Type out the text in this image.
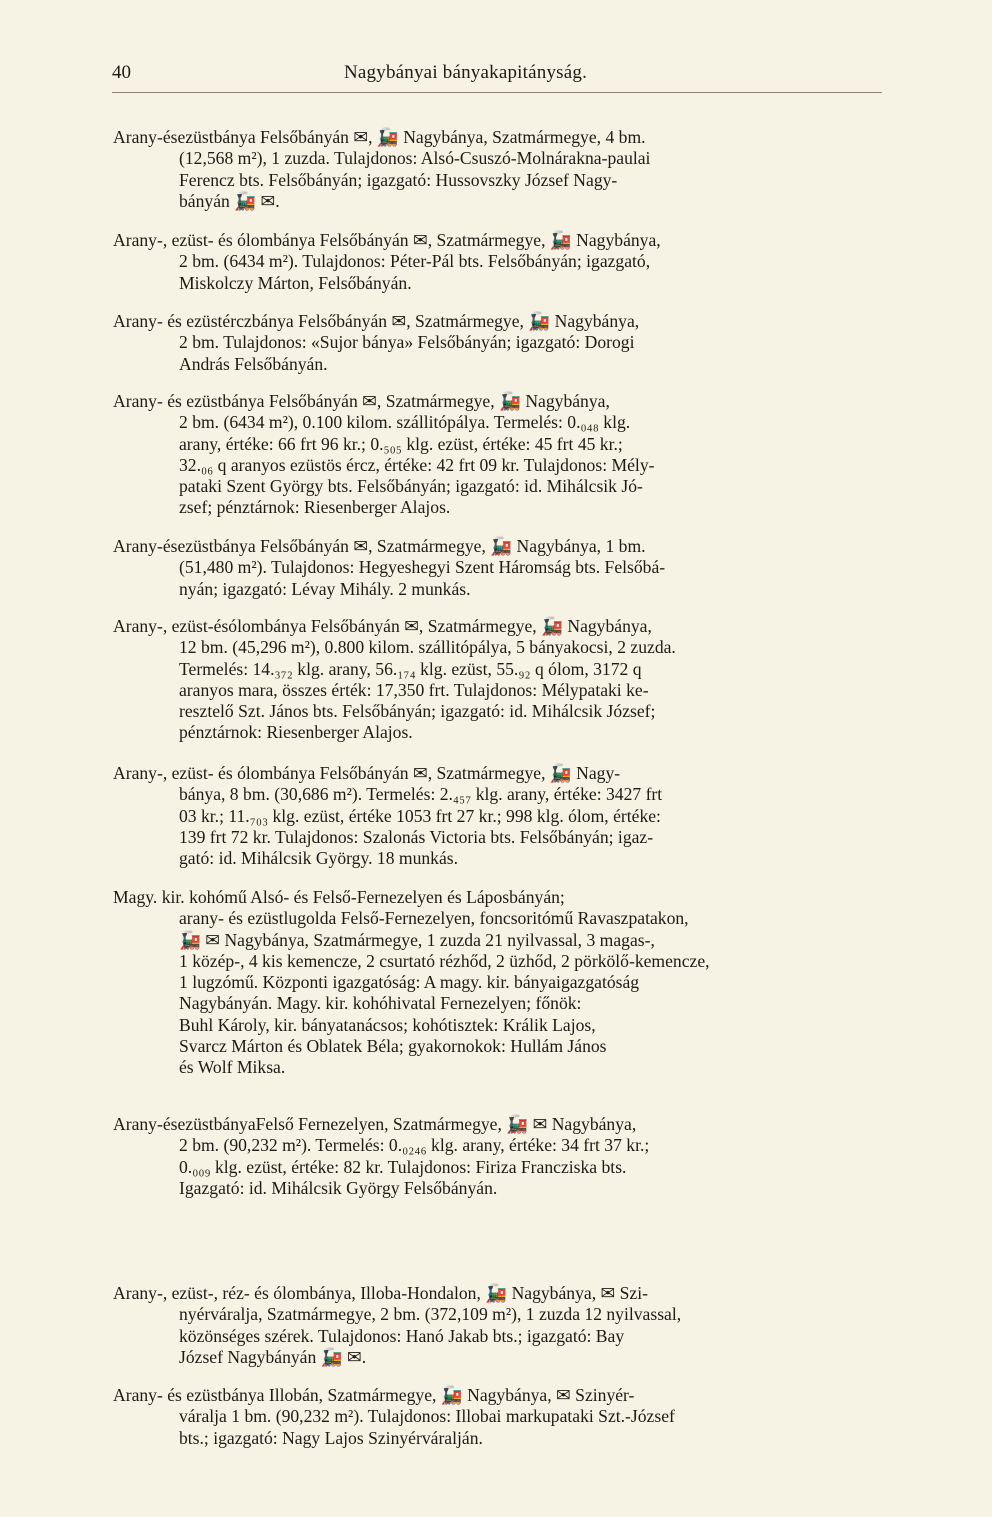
40	Nagybányai bányakapitányság.
Arany-ésezüstbánya Felsőbányán ✉, 🚂 Nagybánya, Szatmármegye, 4 bm.
(12,568 m²), 1 zuzda. Tulajdonos: Alsó-Csuszó-Molnárakna-paulai
Ferencz bts. Felsőbányán; igazgató: Hussovszky József Nagy-
bányán 🚂 ✉.
Arany-, ezüst- és ólombánya Felsőbányán ✉, Szatmármegye, 🚂 Nagybánya,
2 bm. (6434 m²). Tulajdonos: Péter-Pál bts. Felsőbányán; igazgató,
Miskolczy Márton, Felsőbányán.
Arany- és ezüstérczbánya Felsőbányán ✉, Szatmármegye, 🚂 Nagybánya,
2 bm. Tulajdonos: «Sujor bánya» Felsőbányán; igazgató: Dorogi
András Felsőbányán.
Arany- és ezüstbánya Felsőbányán ✉, Szatmármegye, 🚂 Nagybánya,
2 bm. (6434 m²), 0.100 kilom. szállitópálya. Termelés: 0.₀₄₈ klg.
arany, értéke: 66 frt 96 kr.; 0.₅₀₅ klg. ezüst, értéke: 45 frt 45 kr.;
32.₀₆ q aranyos ezüstös ércz, értéke: 42 frt 09 kr. Tulajdonos: Mély-
pataki Szent György bts. Felsőbányán; igazgató: id. Mihálcsik Jó-
zsef; pénztárnok: Riesenberger Alajos.
Arany-ésezüstbánya Felsőbányán ✉, Szatmármegye, 🚂 Nagybánya, 1 bm.
(51,480 m²). Tulajdonos: Hegyeshegyi Szent Háromság bts. Felsőbá-
nyán; igazgató: Lévay Mihály. 2 munkás.
Arany-, ezüst-ésólombánya Felsőbányán ✉, Szatmármegye, 🚂 Nagybánya,
12 bm. (45,296 m²), 0.800 kilom. szállitópálya, 5 bányakocsi, 2 zuzda.
Termelés: 14.₃₇₂ klg. arany, 56.₁₇₄ klg. ezüst, 55.₉₂ q ólom, 3172 q
aranyos mara, összes érték: 17,350 frt. Tulajdonos: Mélypataki ke-
resztelő Szt. János bts. Felsőbányán; igazgató: id. Mihálcsik József;
pénztárnok: Riesenberger Alajos.
Arany-, ezüst- és ólombánya Felsőbányán ✉, Szatmármegye, 🚂 Nagy-
bánya, 8 bm. (30,686 m²). Termelés: 2.₄₅₇ klg. arany, értéke: 3427 frt
03 kr.; 11.₇₀₃ klg. ezüst, értéke 1053 frt 27 kr.; 998 klg. ólom, értéke:
139 frt 72 kr. Tulajdonos: Szalonás Victoria bts. Felsőbányán; igaz-
gató: id. Mihálcsik György. 18 munkás.
Magy. kir. kohómű Alsó- és Felső-Fernezelyen és Láposbányán;
arany- és ezüstlugolda Felső-Fernezelyen, foncsoritómű Ravaszpatakon,
🚂 ✉ Nagybánya, Szatmármegye, 1 zuzda 21 nyilvassal, 3 magas-,
1 közép-, 4 kis kemencze, 2 csurtató rézhőd, 2 üzhőd, 2 pörkölő-kemencze,
1 lugzómű. Központi igazgatóság: A magy. kir. bányaigazgatóság
Nagybányán. Magy. kir. kohóhivatal Fernezelyen; főnök:
Buhl Károly, kir. bányatanácsos; kohótisztek: Králik Lajos,
Svarcz Márton és Oblatek Béla; gyakornokok: Hullám János
és Wolf Miksa.
Arany-ésezüstbányaFelső Fernezelyen, Szatmármegye, 🚂 ✉ Nagybánya,
2 bm. (90,232 m²). Termelés: 0.₀₂₄₆ klg. arany, értéke: 34 frt 37 kr.;
0.₀₀₉ klg. ezüst, értéke: 82 kr. Tulajdonos: Firiza Francziska bts.
Igazgató: id. Mihálcsik György Felsőbányán.
Arany-, ezüst-, réz- és ólombánya, Illoba-Hondalon, 🚂 Nagybánya, ✉ Szi-
nyérváralja, Szatmármegye, 2 bm. (372,109 m²), 1 zuzda 12 nyilvassal,
közönséges szérek. Tulajdonos: Hanó Jakab bts.; igazgató: Bay
József Nagybányán 🚂 ✉.
Arany- és ezüstbánya Illobán, Szatmármegye, 🚂 Nagybánya, ✉ Szinyér-
váralja 1 bm. (90,232 m²). Tulajdonos: Illobai markupataki Szt.-József
bts.; igazgató: Nagy Lajos Szinyérváralján.
